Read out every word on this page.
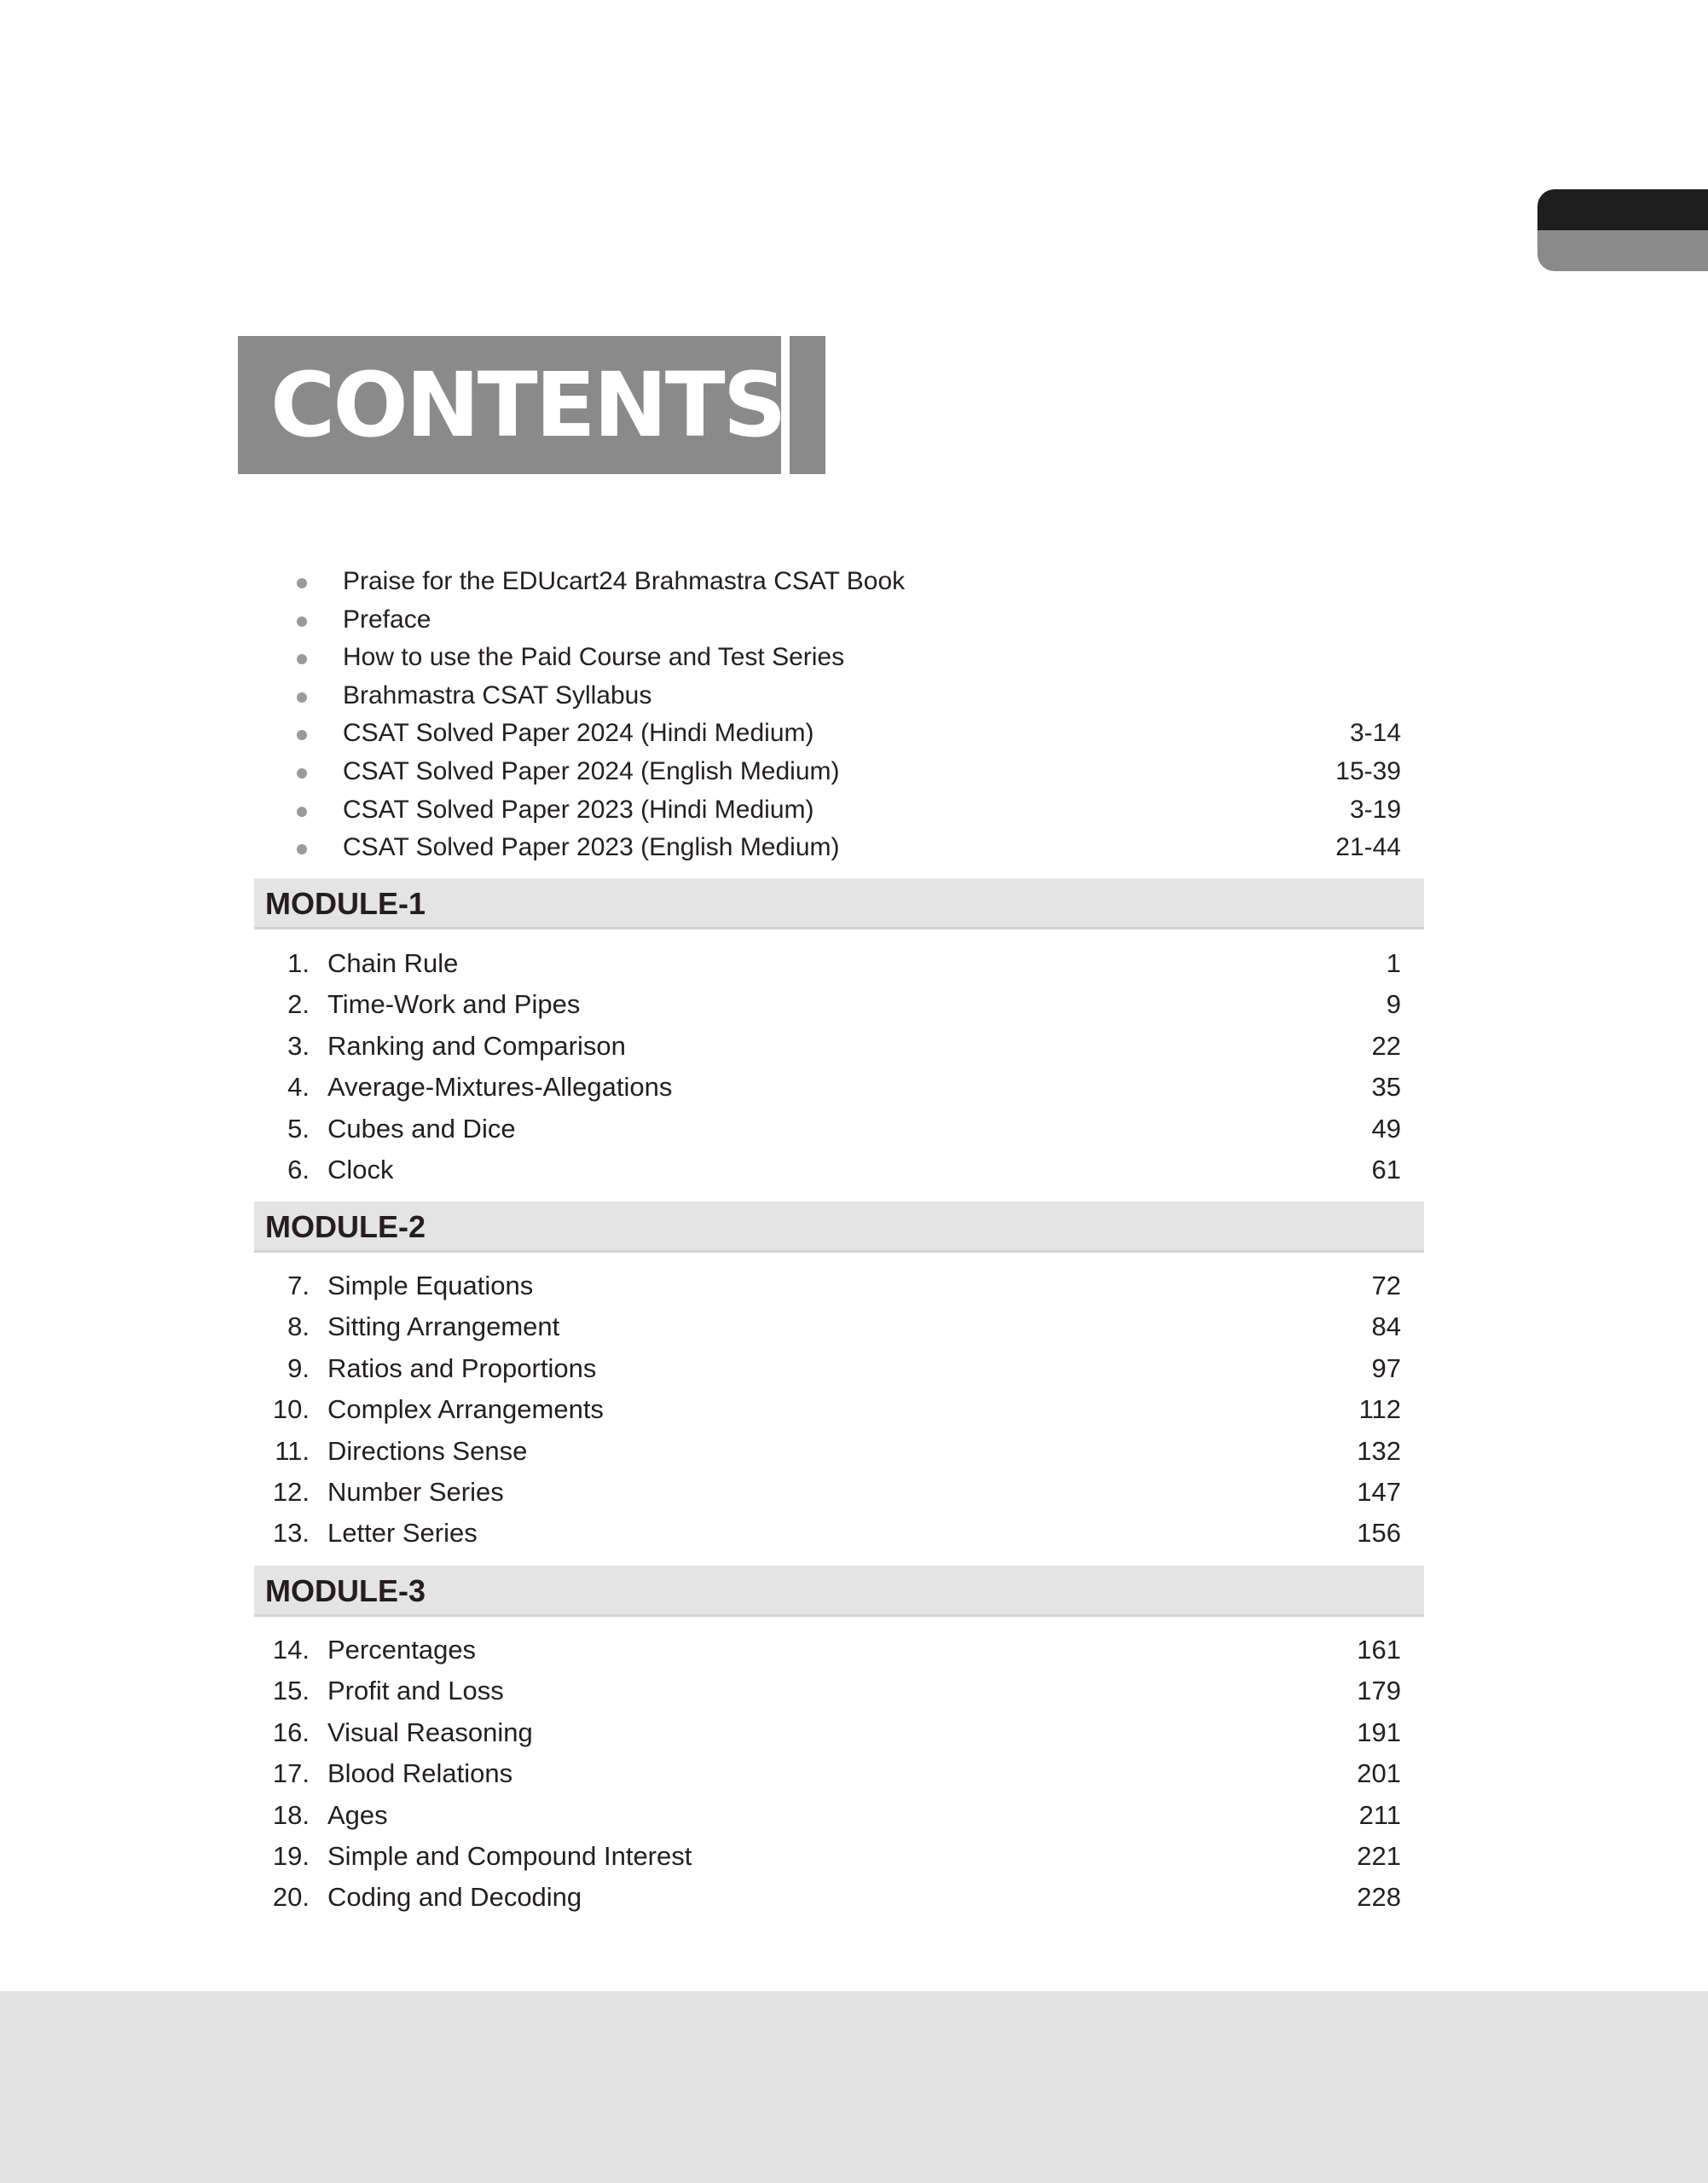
CONTENTS
Praise for the EDUcart24 Brahmastra CSAT Book
Preface
How to use the Paid Course and Test Series
Brahmastra CSAT Syllabus
CSAT Solved Paper 2024 (Hindi Medium)	3-14
CSAT Solved Paper 2024 (English Medium)	15-39
CSAT Solved Paper 2023 (Hindi Medium)	3-19
CSAT Solved Paper 2023 (English Medium)	21-44
MODULE-1
1. Chain Rule	1
2. Time-Work and Pipes	9
3. Ranking and Comparison	22
4. Average-Mixtures-Allegations	35
5. Cubes and Dice	49
6. Clock	61
MODULE-2
7. Simple Equations	72
8. Sitting Arrangement	84
9. Ratios and Proportions	97
10. Complex Arrangements	112
11. Directions Sense	132
12. Number Series	147
13. Letter Series	156
MODULE-3
14. Percentages	161
15. Profit and Loss	179
16. Visual Reasoning	191
17. Blood Relations	201
18. Ages	211
19. Simple and Compound Interest	221
20. Coding and Decoding	228
